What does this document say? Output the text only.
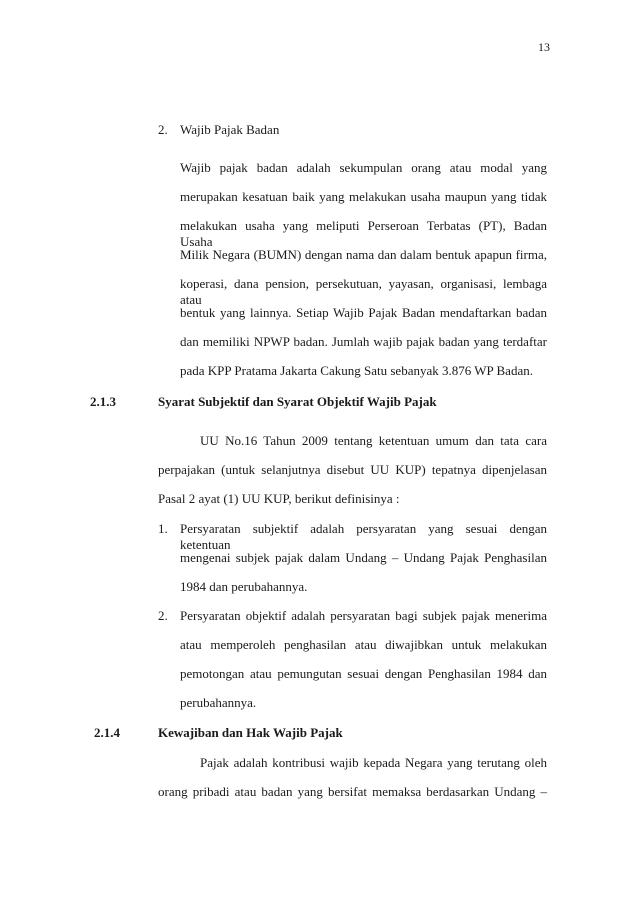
13
2. Wajib Pajak Badan
Wajib pajak badan adalah sekumpulan orang atau modal yang
merupakan kesatuan baik yang melakukan usaha maupun yang tidak
melakukan usaha yang meliputi Perseroan Terbatas (PT), Badan Usaha
Milik Negara (BUMN) dengan nama dan dalam bentuk apapun firma,
koperasi, dana pension, persekutuan, yayasan, organisasi, lembaga atau
bentuk yang lainnya. Setiap Wajib Pajak Badan mendaftarkan badan
dan memiliki NPWP badan. Jumlah wajib pajak badan yang terdaftar
pada KPP Pratama Jakarta Cakung Satu sebanyak 3.876 WP Badan.
2.1.3	Syarat Subjektif dan Syarat Objektif Wajib Pajak
UU No.16 Tahun 2009 tentang ketentuan umum dan tata cara
perpajakan (untuk selanjutnya disebut UU KUP) tepatnya dipenjelasan
Pasal 2 ayat (1) UU KUP, berikut definisinya :
1. Persyaratan subjektif adalah persyaratan yang sesuai dengan ketentuan
mengenai subjek pajak dalam Undang – Undang Pajak Penghasilan
1984 dan perubahannya.
2. Persyaratan objektif adalah persyaratan bagi subjek pajak menerima
atau memperoleh penghasilan atau diwajibkan untuk melakukan
pemotongan atau pemungutan sesuai dengan Penghasilan 1984 dan
perubahannya.
2.1.4	Kewajiban dan Hak Wajib Pajak
Pajak adalah kontribusi wajib kepada Negara yang terutang oleh
orang pribadi atau badan yang bersifat memaksa berdasarkan Undang –
